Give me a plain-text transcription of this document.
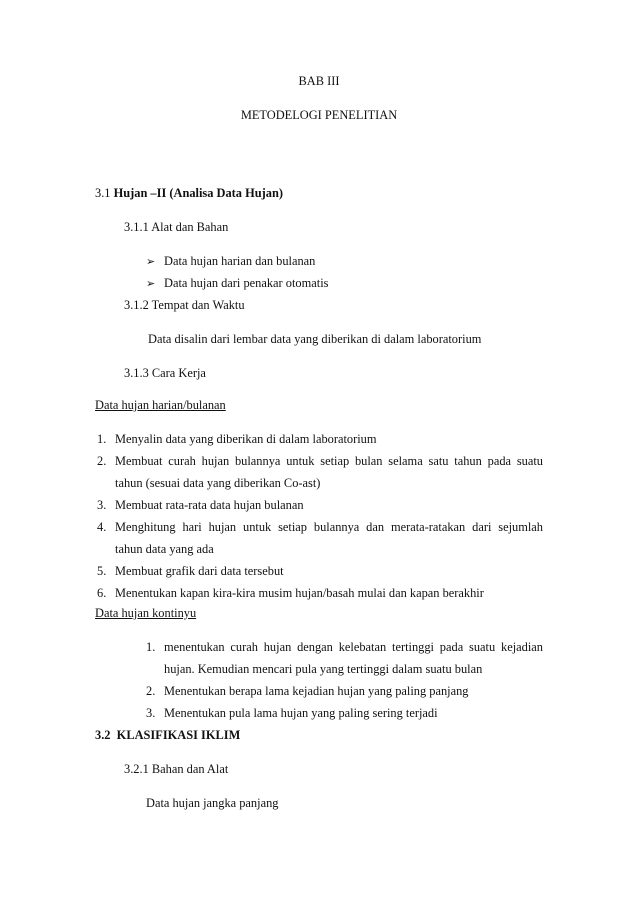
BAB III
METODELOGI PENELITIAN
3.1 Hujan –II (Analisa Data Hujan)
3.1.1 Alat dan Bahan
➢ Data hujan harian dan bulanan
➢ Data hujan dari penakar otomatis
3.1.2 Tempat dan Waktu
Data disalin dari lembar data yang diberikan di dalam laboratorium
3.1.3 Cara Kerja
Data hujan harian/bulanan
1. Menyalin data yang diberikan di dalam laboratorium
2. Membuat curah hujan bulannya untuk setiap bulan selama satu tahun pada suatu
tahun (sesuai data yang diberikan Co-ast)
3. Membuat rata-rata data hujan bulanan
4. Menghitung hari hujan untuk setiap bulannya dan merata-ratakan dari sejumlah
tahun data yang ada
5. Membuat grafik dari data tersebut
6. Menentukan kapan kira-kira musim hujan/basah mulai dan kapan berakhir
Data hujan kontinyu
1. menentukan curah hujan dengan kelebatan tertinggi pada suatu kejadian
hujan. Kemudian mencari pula yang tertinggi dalam suatu bulan
2. Menentukan berapa lama kejadian hujan yang paling panjang
3. Menentukan pula lama hujan yang paling sering terjadi
3.2  KLASIFIKASI IKLIM
3.2.1 Bahan dan Alat
Data hujan jangka panjang
